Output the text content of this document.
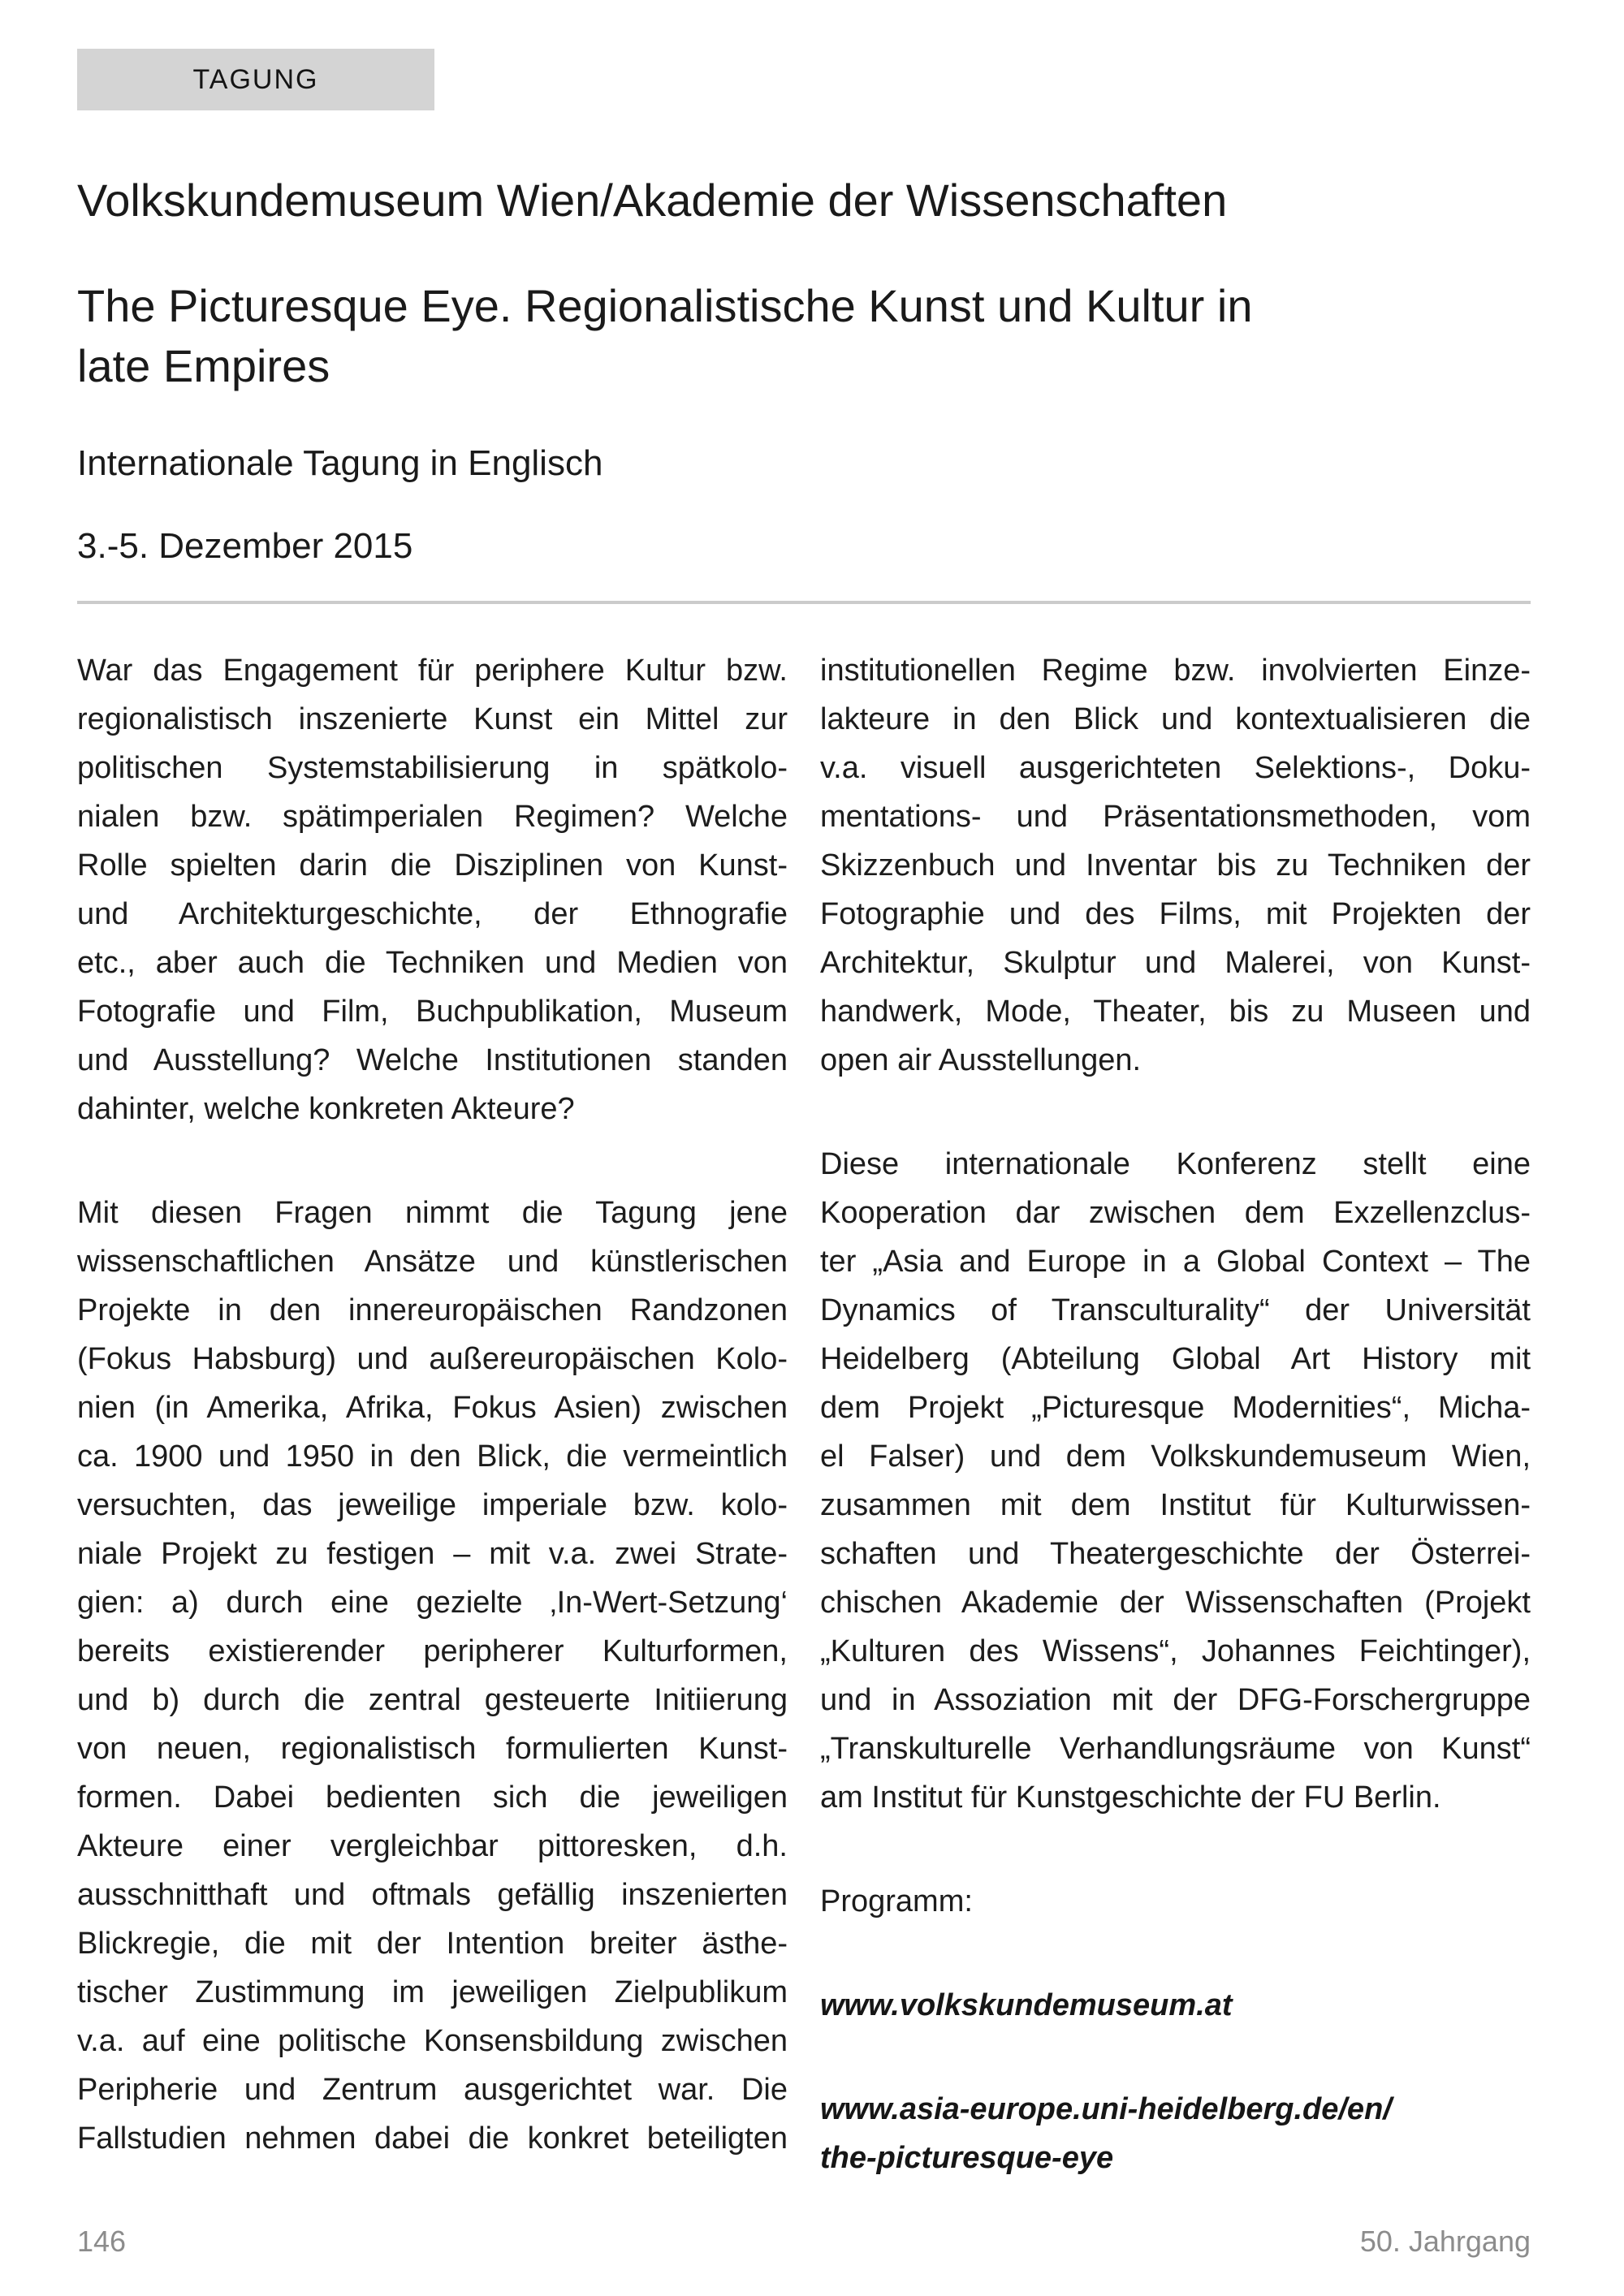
TAGUNG
Volkskundemuseum Wien/Akademie der Wissenschaften
The Picturesque Eye. Regionalistische Kunst und Kultur in
late Empires
Internationale Tagung in Englisch
3.-5. Dezember 2015
War das Engagement für periphere Kultur bzw.
regionalistisch inszenierte Kunst ein Mittel zur
politischen Systemstabilisierung in spätkolo-
nialen bzw. spätimperialen Regimen? Welche
Rolle spielten darin die Disziplinen von Kunst-
und Architekturgeschichte, der Ethnografie
etc., aber auch die Techniken und Medien von
Fotografie und Film, Buchpublikation, Museum
und Ausstellung? Welche Institutionen standen
dahinter, welche konkreten Akteure?
Mit diesen Fragen nimmt die Tagung jene
wissenschaftlichen Ansätze und künstlerischen
Projekte in den innereuropäischen Randzonen
(Fokus Habsburg) und außereuropäischen Kolo-
nien (in Amerika, Afrika, Fokus Asien) zwischen
ca. 1900 und 1950 in den Blick, die vermeintlich
versuchten, das jeweilige imperiale bzw. kolo-
niale Projekt zu festigen – mit v.a. zwei Strate-
gien: a) durch eine gezielte ‚In-Wert-Setzung‘
bereits existierender peripherer Kulturformen,
und b) durch die zentral gesteuerte Initiierung
von neuen, regionalistisch formulierten Kunst-
formen. Dabei bedienten sich die jeweiligen
Akteure einer vergleichbar pittoresken, d.h.
ausschnitthaft und oftmals gefällig inszenierten
Blickregie, die mit der Intention breiter ästhe-
tischer Zustimmung im jeweiligen Zielpublikum
v.a. auf eine politische Konsensbildung zwischen
Peripherie und Zentrum ausgerichtet war. Die
Fallstudien nehmen dabei die konkret beteiligten
institutionellen Regime bzw. involvierten Einze-
lakteure in den Blick und kontextualisieren die
v.a. visuell ausgerichteten Selektions-, Doku-
mentations- und Präsentationsmethoden, vom
Skizzenbuch und Inventar bis zu Techniken der
Fotographie und des Films, mit Projekten der
Architektur, Skulptur und Malerei, von Kunst-
handwerk, Mode, Theater, bis zu Museen und
open air Ausstellungen.
Diese internationale Konferenz stellt eine
Kooperation dar zwischen dem Exzellenzclus-
ter „Asia and Europe in a Global Context – The
Dynamics of Transculturality“ der Universität
Heidelberg (Abteilung Global Art History mit
dem Projekt „Picturesque Modernities“, Micha-
el Falser) und dem Volkskundemuseum Wien,
zusammen mit dem Institut für Kulturwissen-
schaften und Theatergeschichte der Österrei-
chischen Akademie der Wissenschaften (Projekt
„Kulturen des Wissens“, Johannes Feichtinger),
und in Assoziation mit der DFG-Forschergruppe
„Transkulturelle Verhandlungsräume von Kunst“
am Institut für Kunstgeschichte der FU Berlin.
Programm:
www.volkskundemuseum.at
www.asia-europe.uni-heidelberg.de/en/
the-picturesque-eye
146	50. Jahrgang
